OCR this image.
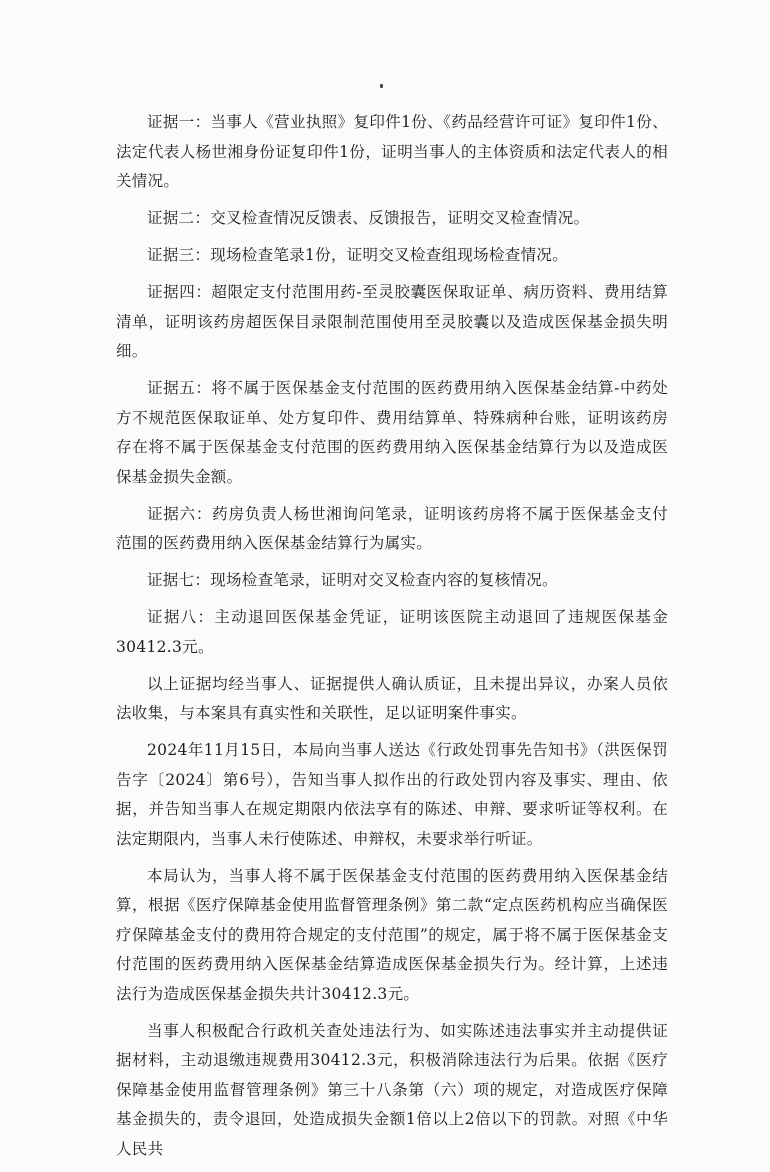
证据一：当事人《营业执照》复印件1份、《药品经营许可证》复印件1份、法定代表人杨世湘身份证复印件1份，证明当事人的主体资质和法定代表人的相关情况。

证据二：交叉检查情况反馈表、反馈报告，证明交叉检查情况。

证据三：现场检查笔录1份，证明交叉检查组现场检查情况。

证据四：超限定支付范围用药-至灵胶囊医保取证单、病历资料、费用结算清单，证明该药房超医保目录限制范围使用至灵胶囊以及造成医保基金损失明细。

证据五：将不属于医保基金支付范围的医药费用纳入医保基金结算-中药处方不规范医保取证单、处方复印件、费用结算单、特殊病种台账，证明该药房存在将不属于医保基金支付范围的医药费用纳入医保基金结算行为以及造成医保基金损失金额。

证据六：药房负责人杨世湘询问笔录，证明该药房将不属于医保基金支付范围的医药费用纳入医保基金结算行为属实。

证据七：现场检查笔录，证明对交叉检查内容的复核情况。

证据八：主动退回医保基金凭证，证明该医院主动退回了违规医保基金30412.3元。

以上证据均经当事人、证据提供人确认质证，且未提出异议，办案人员依法收集，与本案具有真实性和关联性，足以证明案件事实。

2024年11月15日，本局向当事人送达《行政处罚事先告知书》（洪医保罚告字〔2024〕第6号），告知当事人拟作出的行政处罚内容及事实、理由、依据，并告知当事人在规定期限内依法享有的陈述、申辩、要求听证等权利。在法定期限内，当事人未行使陈述、申辩权，未要求举行听证。

本局认为，当事人将不属于医保基金支付范围的医药费用纳入医保基金结算，根据《医疗保障基金使用监督管理条例》第二款“定点医药机构应当确保医疗保障基金支付的费用符合规定的支付范围”的规定，属于将不属于医保基金支付范围的医药费用纳入医保基金结算造成医保基金损失行为。经计算，上述违法行为造成医保基金损失共计30412.3元。

当事人积极配合行政机关查处违法行为、如实陈述违法事实并主动提供证据材料，主动退缴违规费用30412.3元，积极消除违法行为后果。依据《医疗保障基金使用监督管理条例》第三十八条第（六）项的规定，对造成医疗保障基金损失的，责令退回，处造成损失金额1倍以上2倍以下的罚款。对照《中华人民共
